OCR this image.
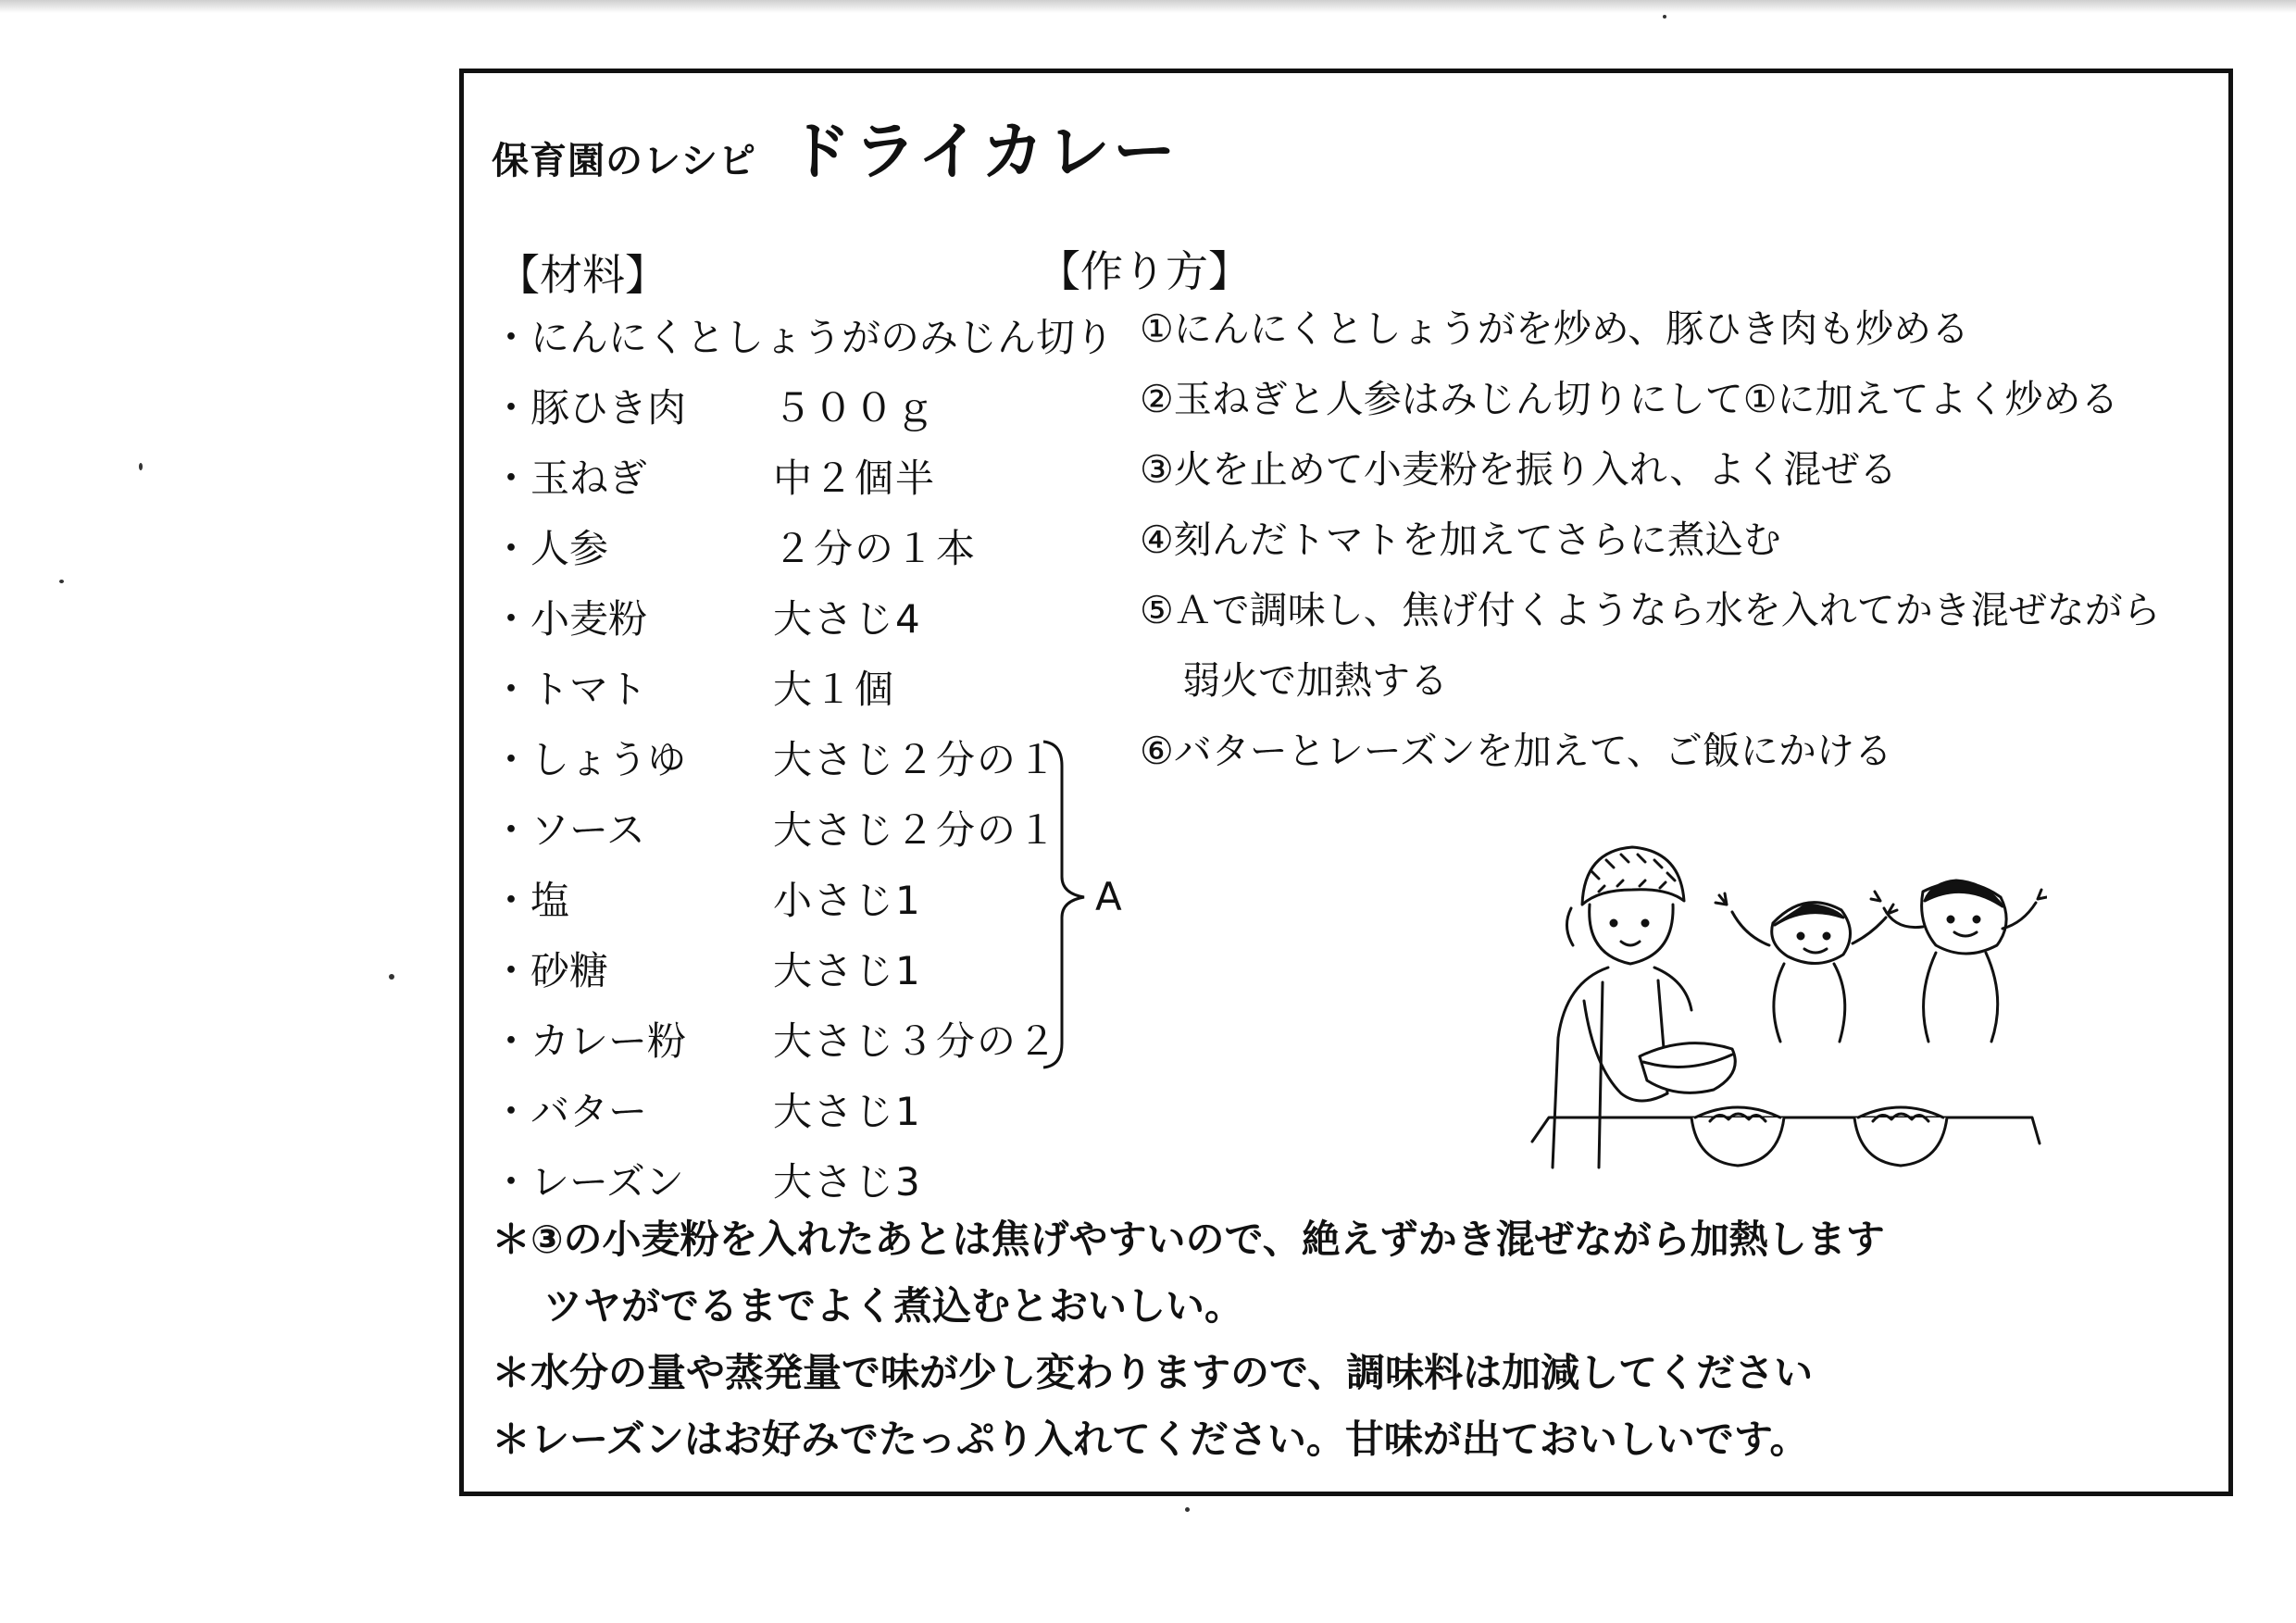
保育園のレシピ ドライカレー
【材料】	【作り方】
・にんにくとしょうがのみじん切り
・豚ひき肉 ５００ｇ
・玉ねぎ	中２個半
・人参	２分の１本
・小麦粉	大さじ4
・トマト	大１個
・しょうゆ 大さじ２分の１
・ソース	大さじ２分の１
・塩	小さじ1
・砂糖	大さじ1
・カレー粉 大さじ３分の２
・バター	大さじ1
・レーズン 大さじ3
A
①にんにくとしょうがを炒め、豚ひき肉も炒める
②玉ねぎと人参はみじん切りにして①に加えてよく炒める
③火を止めて小麦粉を振り入れ、よく混ぜる
④刻んだトマトを加えてさらに煮込む
⑤Ａで調味し、焦げ付くようなら水を入れてかき混ぜながら
弱火で加熱する
⑥バターとレーズンを加えて、ご飯にかける
＊③の小麦粉を入れたあとは焦げやすいので、絶えずかき混ぜながら加熱します
ツヤがでるまでよく煮込むとおいしい。
＊水分の量や蒸発量で味が少し変わりますので、調味料は加減してください
＊レーズンはお好みでたっぷり入れてください。甘味が出ておいしいです。
